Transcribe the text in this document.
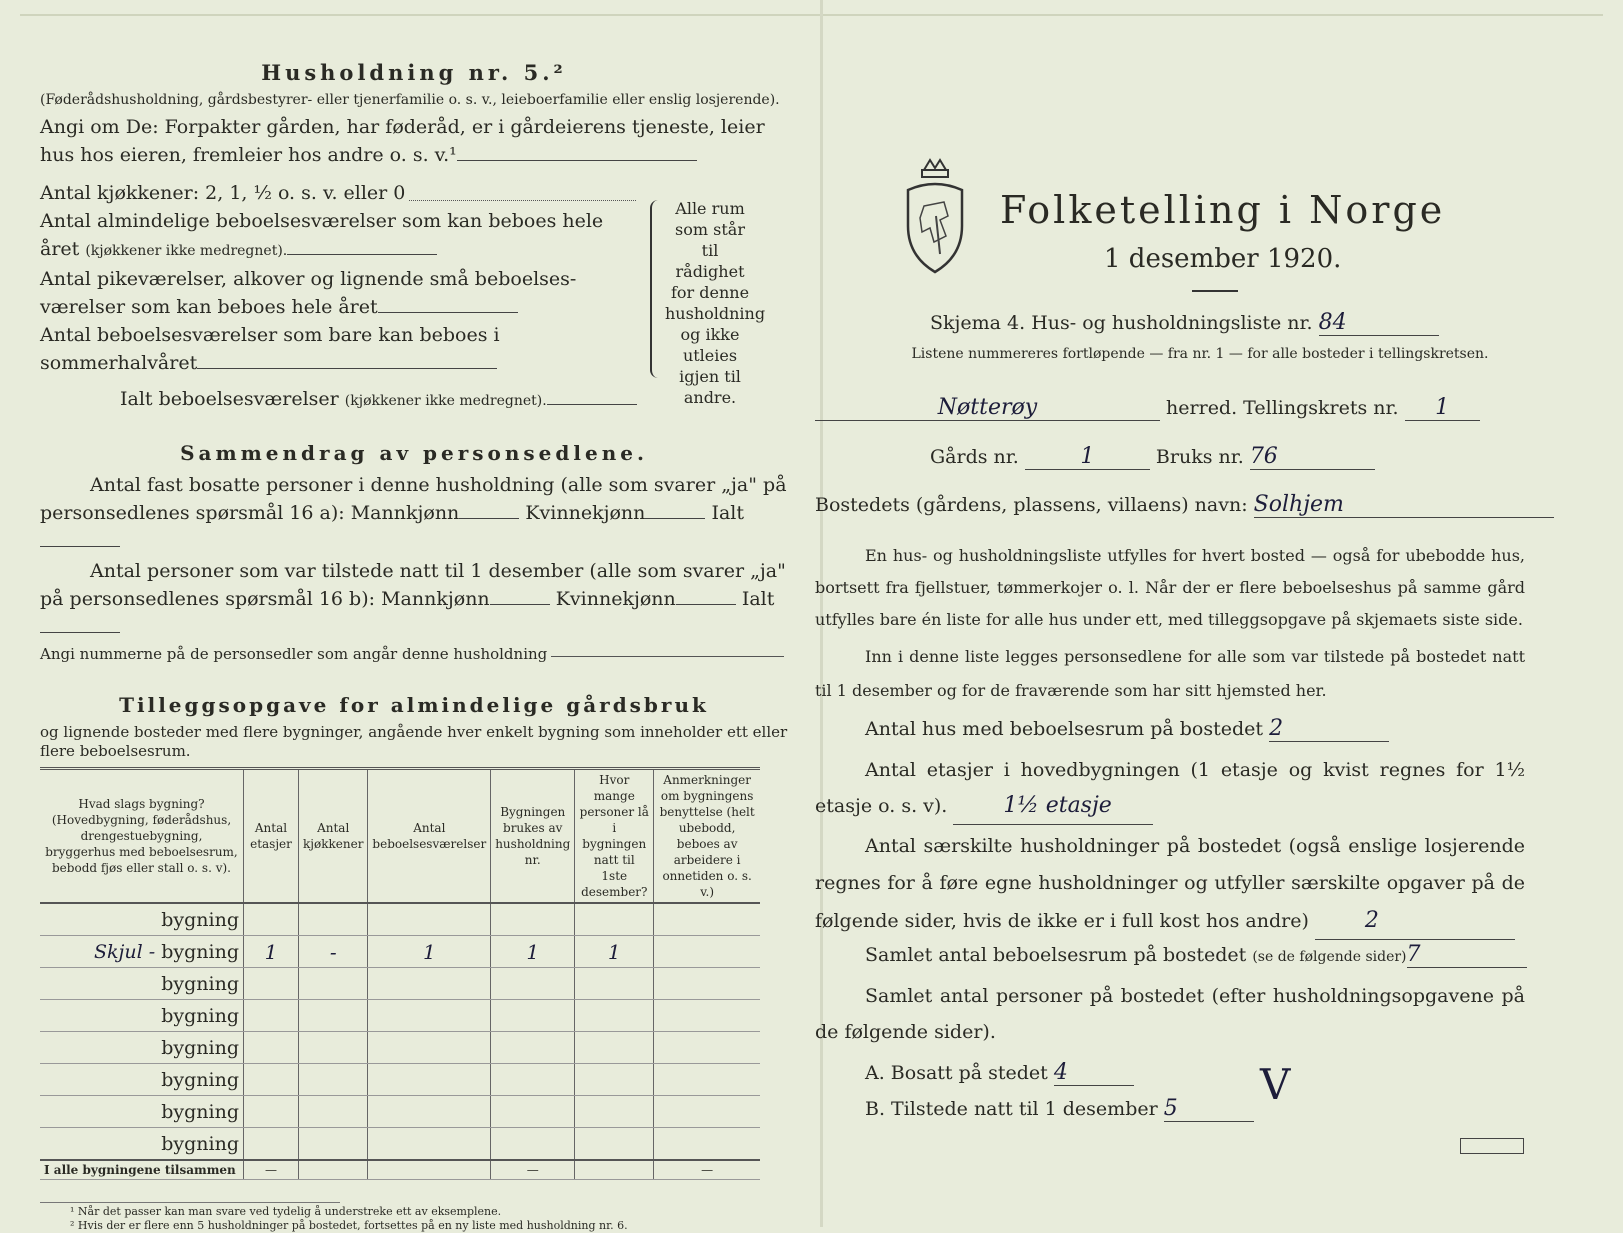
Husholdning nr. 5.²
(Føderådshusholdning, gårdsbestyrer- eller tjenerfamilie o. s. v., leieboerfamilie eller enslig losjerende).
Angi om De: Forpakter gården, har føderåd, er i gårdeierens tjeneste, leier hus hos eieren, fremleier hos andre o. s. v.¹
Antal kjøkkener: 2, 1, ½ o. s. v. eller 0
Antal almindelige beboelsesværelser som kan beboes hele året (kjøkkener ikke medregnet).
Antal pikeværelser, alkover og lignende små beboelses-værelser som kan beboes hele året
Antal beboelsesværelser som bare kan beboes i sommerhalvåret
Ialt beboelsesværelser (kjøkkener ikke medregnet).
Alle rum som står til rådighet for denne husholdning og ikke utleies igjen til andre.
Sammendrag av personsedlene.
Antal fast bosatte personer i denne husholdning (alle som svarer „ja" på personsedlenes spørsmål 16 a): Mannkjønn	Kvinnekjønn	Ialt
Antal personer som var tilstede natt til 1 desember (alle som svarer „ja" på personsedlenes spørsmål 16 b): Mannkjønn	Kvinnekjønn	Ialt
Angi nummerne på de personsedler som angår denne husholdning
Tilleggsopgave for almindelige gårdsbruk
og lignende bosteder med flere bygninger, angående hver enkelt bygning som inneholder ett eller flere beboelsesrum.
Hvad slags bygning? (Hovedbygning, føderådshus, drengestuebygning, bryggerhus med beboelsesrum, bebodd fjøs eller stall o. s. v).	Antal etasjer	Antal kjøkkener	Antal beboelsesværelser	Bygningen brukes av husholdning nr.	Hvor mange personer lå i bygningen natt til 1ste desember?	Anmerkninger om bygningens benyttelse (helt ubebodd, beboes av arbeidere i onnetiden o. s. v.)
bygning						
Skjul - bygning	1	-	1	1	1	
bygning						
bygning						
bygning						
bygning						
bygning						
bygning						
I alle bygningene tilsammen	—			—		—
¹ Når det passer kan man svare ved tydelig å understreke ett av eksemplene.
² Hvis der er flere enn 5 husholdninger på bostedet, fortsettes på en ny liste med husholdning nr. 6.
Folketelling i Norge
1 desember 1920.
Skjema 4. Hus- og husholdningsliste nr. 84
Listene nummereres fortløpende — fra nr. 1 — for alle bosteder i tellingskretsen.
Nøtterøy	herred. Tellingskrets nr. 1
Gårds nr.	1	Bruks nr. 76
Bostedets (gårdens, plassens, villaens) navn: Solhjem
En hus- og husholdningsliste utfylles for hvert bosted — også for ubebodde hus, bortsett fra fjellstuer, tømmerkojer o. l. Når der er flere beboelseshus på samme gård utfylles bare én liste for alle hus under ett, med tilleggsopgave på skjemaets siste side.
Inn i denne liste legges personsedlene for alle som var tilstede på bostedet natt til 1 desember og for de fraværende som har sitt hjemsted her.
Antal hus med beboelsesrum på bostedet 2
Antal etasjer i hovedbygningen (1 etasje og kvist regnes for 1½ etasje o. s. v).	1½ etasje
Antal særskilte husholdninger på bostedet (også enslige losjerende regnes for å føre egne husholdninger og utfyller særskilte opgaver på de følgende sider, hvis de ikke er i full kost hos andre)	2
Samlet antal beboelsesrum på bostedet (se de følgende sider)7
Samlet antal personer på bostedet (efter husholdningsopgavene på de følgende sider).
A. Bosatt på stedet 4
B. Tilstede natt til 1 desember 5	V
